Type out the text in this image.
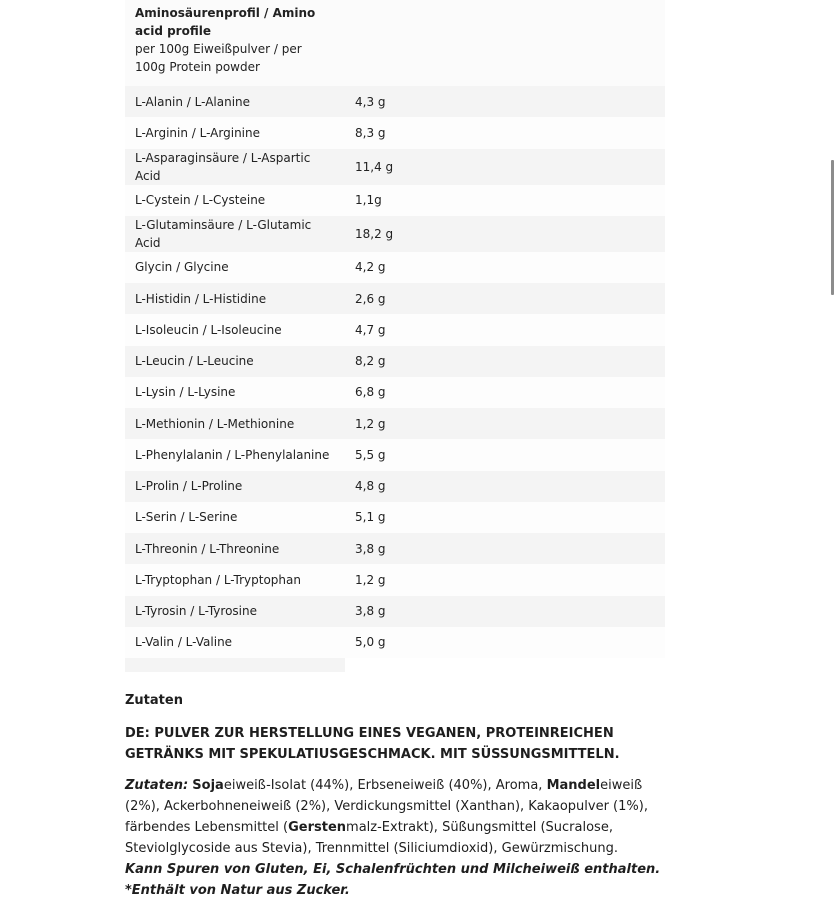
Aminosäurenprofil / Amino acid profile
per 100g Eiweißpulver / per 100g Protein powder	

L-Alanin / L-Alanine	4,3 g
L-Arginin / L-Arginine	8,3 g
L-Asparaginsäure / L-Aspartic Acid	11,4 g
L-Cystein / L-Cysteine	1,1g
L-Glutaminsäure / L-Glutamic Acid	18,2 g
Glycin / Glycine	4,2 g
L-Histidin / L-Histidine	2,6 g
L-Isoleucin / L-Isoleucine	4,7 g
L-Leucin / L-Leucine	8,2 g
L-Lysin / L-Lysine	6,8 g
L-Methionin / L-Methionine	1,2 g
L-Phenylalanin / L-Phenylalanine	5,5 g
L-Prolin / L-Proline	4,8 g
L-Serin / L-Serine	5,1 g
L-Threonin / L-Threonine	3,8 g
L-Tryptophan / L-Tryptophan	1,2 g
L-Tyrosin / L-Tyrosine	3,8 g
L-Valin / L-Valine	5,0 g

Zutaten
DE: PULVER ZUR HERSTELLUNG EINES VEGANEN, PROTEINREICHEN GETRÄNKS MIT SPEKULATIUSGESCHMACK. MIT SÜSSUNGSMITTELN.
Zutaten: Sojaeiweiß-Isolat (44%), Erbseneiweiß (40%), Aroma, Mandeleiweiß (2%), Ackerbohneneiweiß (2%), Verdickungsmittel (Xanthan), Kakaopulver (1%), färbendes Lebensmittel (Gerstenmalz-Extrakt), Süßungsmittel (Sucralose, Steviolglycoside aus Stevia), Trennmittel (Siliciumdioxid), Gewürzmischung.
Kann Spuren von Gluten, Ei, Schalenfrüchten und Milcheiweiß enthalten. *Enthält von Natur aus Zucker.
